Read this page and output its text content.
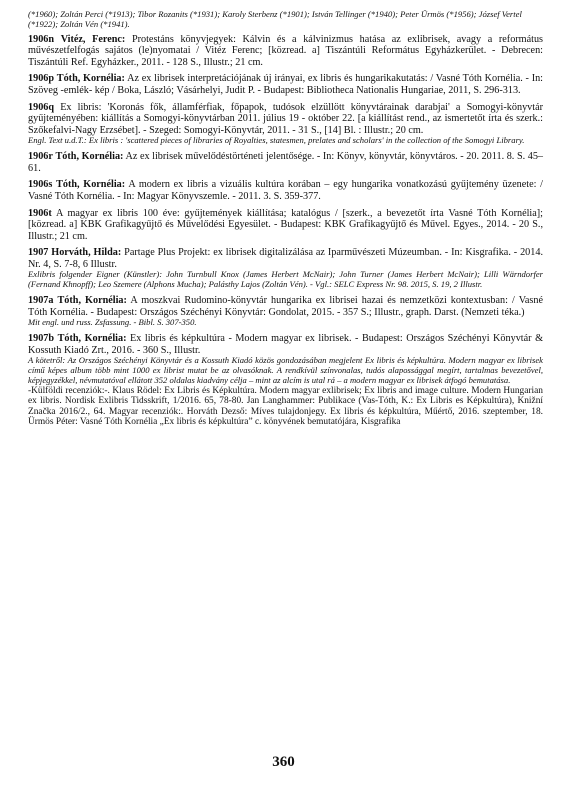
(*1960); Zoltán Perci (*1913); Tibor Rozanits (*1931); Karoly Sterbenz (*1901); István Tellinger (*1940); Peter Ürmös (*1956); József Vertel (*1922); Zoltán Vén (*1941).
1906n Vitéz, Ferenc: Protestáns könyvjegyek: Kálvin és a kálvinizmus hatása az exlibrisek, avagy a református művészetfelfogás sajátos (le)nyomatai / Vitéz Ferenc; [közread. a] Tiszántúli Református Egyházkerület. - Debrecen: Tiszántúli Ref. Egyházker., 2011. - 128 S., Illustr.; 21 cm.
1906p Tóth, Kornélia: Az ex librisek interpretációjának új irányai, ex libris és hungarikakutatás: / Vasné Tóth Kornélia. - In: Szöveg -emlék- kép / Boka, László; Vásárhelyi, Judit P. - Budapest: Bibliotheca Nationalis Hungariae, 2011, S. 296-313.
1906q Ex libris: 'Koronás fők, államférfiak, főpapok, tudósok elzüllött könyvtárainak darabjai' a Somogyi-könyvtár gyűjteményében: kiállítás a Somogyi-könyvtárban 2011. július 19 - október 22. [a kiállítást rend., az ismertetőt írta és szerk.: Szőkefalvi-Nagy Erzsébet]. - Szeged: Somogyi-Könyvtár, 2011. - 31 S., [14] Bl. : Illustr.; 20 cm.
Engl. Text u.d.T.: Ex libris : 'scattered pieces of libraries of Royalties, statesmen, prelates and scholars' in the collection of the Somogyi Library.
1906r Tóth, Kornélia: Az ex librisek művelődéstörténeti jelentősége. - In: Könyv, könyvtár, könyvtáros. - 20. 2011. 8. S. 45–61.
1906s Tóth, Kornélia: A modern ex libris a vizuális kultúra korában – egy hungarika vonatkozású gyűjtemény üzenete: / Vasné Tóth Kornélia. - In: Magyar Könyvszemle. - 2011. 3. S. 359-377.
1906t A magyar ex libris 100 éve: gyűjtemények kiállítása; katalógus / [szerk., a bevezetőt írta Vasné Tóth Kornélia]; [közread. a] KBK Grafikagyűjtő és Művelődési Egyesület. - Budapest: KBK Grafikagyűjtő és Művel. Egyes., 2014. - 20 S., Illustr.; 21 cm.
1907 Horváth, Hilda: Partage Plus Projekt: ex librisek digitalizálása az Iparművészeti Múzeumban. - In: Kisgrafika. - 2014. Nr. 4, S. 7-8, 6 Illustr.
Exlibris folgender Eigner (Künstler): John Turnbull Knox (James Herbert McNair); John Turner (James Herbert McNair); Lilli Wärndorfer (Fernand Khnopff); Leo Szemere (Alphons Mucha); Palásthy Lajos (Zoltán Vén). - Vgl.: SELC Express Nr. 98. 2015, S. 19, 2 Illustr.
1907a Tóth, Kornélia: A moszkvai Rudomino-könyvtár hungarika ex librisei hazai és nemzetközi kontextusban: / Vasné Tóth Kornélia. - Budapest: Országos Széchényi Könyvtár: Gondolat, 2015. - 357 S.; Illustr., graph. Darst. (Nemzeti téka.)
Mit engl. und russ. Zsfassung. - Bibl. S. 307-350.
1907b Tóth, Kornélia: Ex libris és képkultúra - Modern magyar ex librisek. - Budapest: Országos Széchényi Könyvtár & Kossuth Kiadó Zrt., 2016. - 360 S., Illustr.
A kötetről: Az Országos Széchényi Könyvtár és a Kossuth Kiadó közös gondozásában megjelent Ex libris és képkultúra. Modern magyar ex librisek című képes album több mint 1000 ex librist mutat be az olvasóknak. A rendkívül színvonalas, tudós alapossággal megírt, tartalmas bevezetővel, képjegyzékkel, névmutatóval ellátott 352 oldalas kiadvány célja – mint az alcím is utal rá – a modern magyar ex librisek átfogó bemutatása.
-Külföldi recenziók:-. Klaus Rödel: Ex Libris és Képkultúra. Modern magyar exlibrisek; Ex libris and image culture. Modern Hungarian ex libris. Nordisk Exlibris Tidsskrift, 1/2016. 65, 78-80. Jan Langhammer: Publikace (Vas-Tóth, K.: Ex Libris es Képkultúra), Knižní Značka 2016/2., 64. Magyar recenziók:. Horváth Dezső: Míves tulajdonjegy. Ex libris és képkultúra, Műértő, 2016. szeptember, 18. Ürmös Péter: Vasné Tóth Kornélia „Ex libris és képkultúra” c. könyvének bemutatójára, Kisgrafika
360
